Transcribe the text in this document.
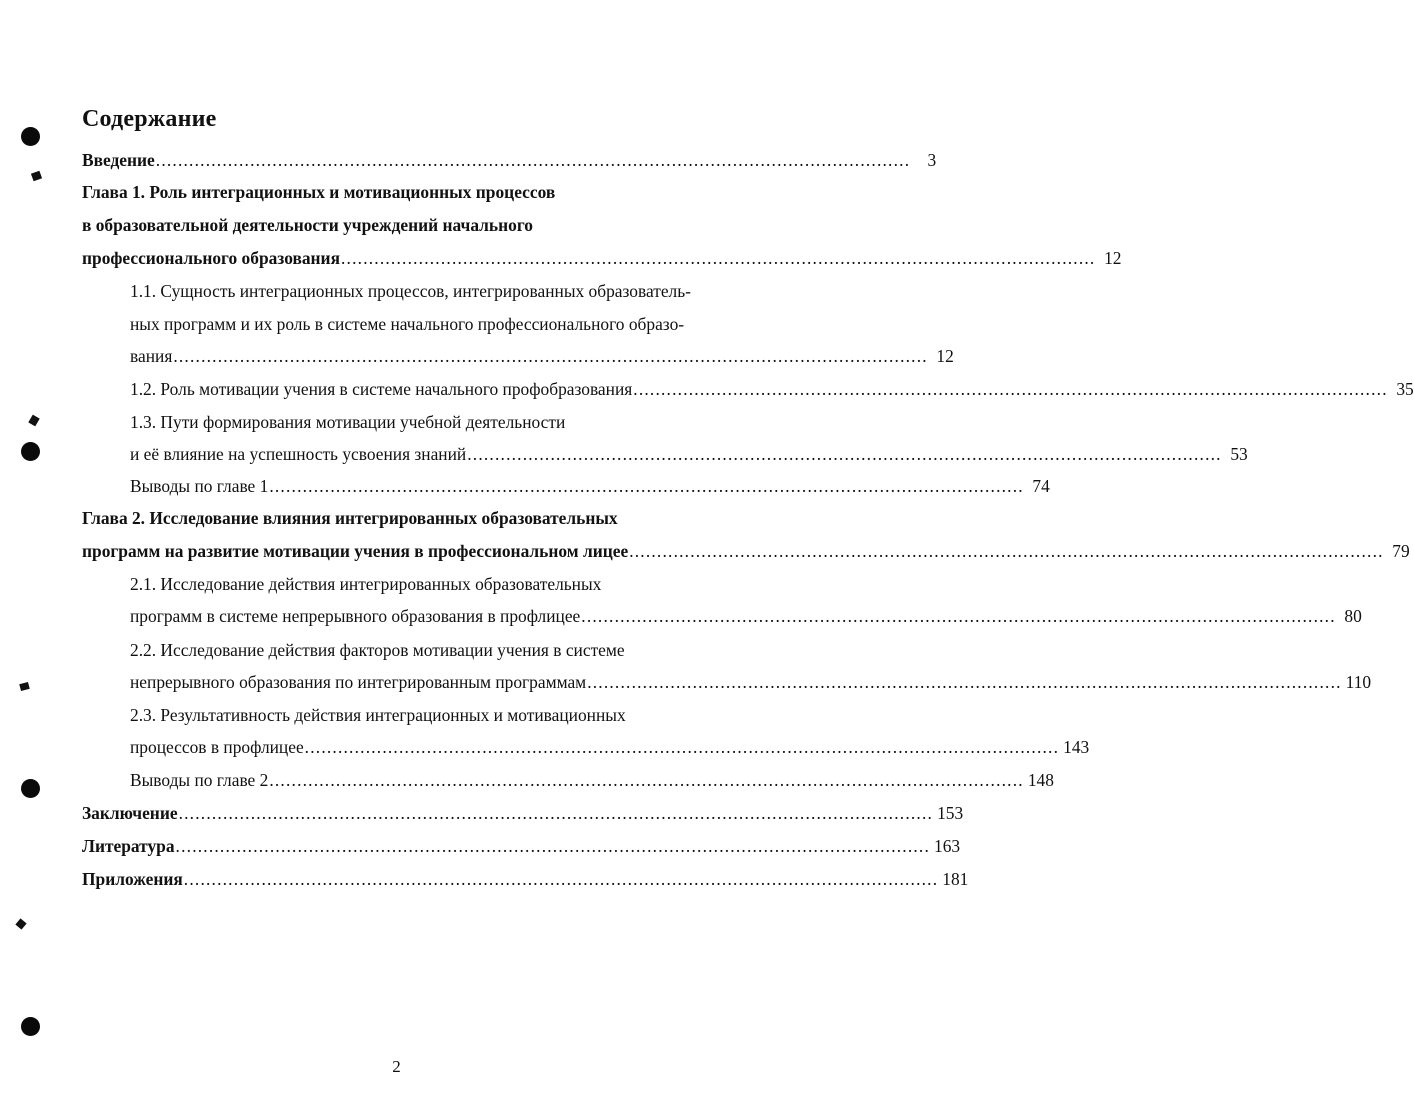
Содержание
Введение ........................................................................................................................................ 3
Глава 1. Роль интеграционных и мотивационных процессов
в образовательной деятельности учреждений начального
профессионального образования ........................................................................................................................................ 12
1.1. Сущность интеграционных процессов, интегрированных образователь-
ных программ и их роль в системе начального профессионального образо-
вания ........................................................................................................................................ 12
1.2. Роль мотивации учения в системе начального профобразования ........................................................................................................................................ 35
1.3. Пути формирования мотивации учебной деятельности
и её влияние на успешность усвоения знаний ........................................................................................................................................ 53
Выводы по главе 1 ........................................................................................................................................ 74
Глава 2. Исследование влияния интегрированных образовательных
программ на развитие мотивации учения в профессиональном лицее ........................................................................................................................................ 79
2.1. Исследование действия интегрированных образовательных
программ в системе непрерывного образования в профлицее ........................................................................................................................................ 80
2.2. Исследование действия факторов мотивации учения в системе
непрерывного образования по интегрированным программам ........................................................................................................................................ 110
2.3. Результативность действия интеграционных и мотивационных
процессов в профлицее ........................................................................................................................................ 143
Выводы по главе 2 ........................................................................................................................................ 148
Заключение ........................................................................................................................................ 153
Литература ........................................................................................................................................ 163
Приложения ........................................................................................................................................ 181
2
